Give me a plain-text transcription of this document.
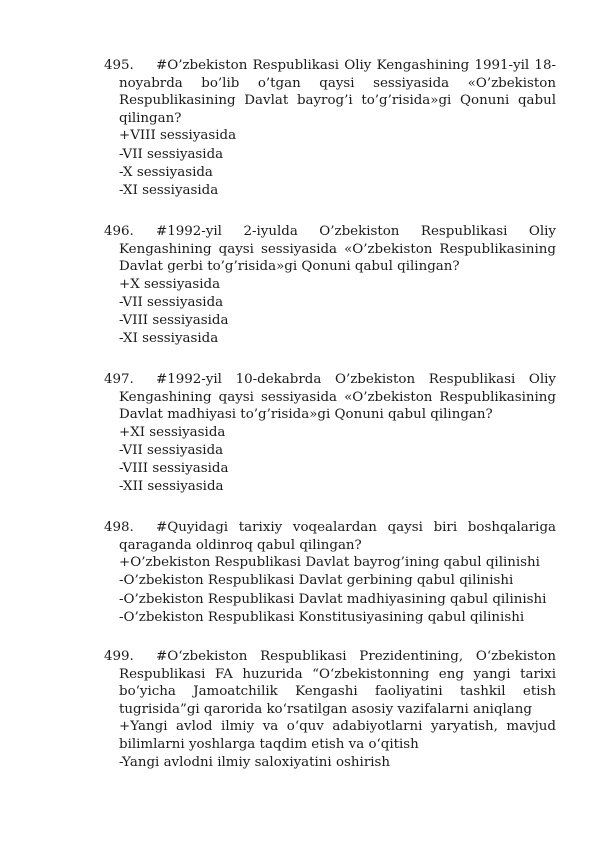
495. #O’zbekiston Respublikasi Oliy Kengashining 1991-yil 18-
noyabrda bo’lib o’tgan qaysi sessiyasida «O’zbekiston
Respublikasining Davlat bayrog’i to’g’risida»gi Qonuni qabul
qilingan?
+VIII sessiyasida
-VII sessiyasida
-X sessiyasida
-XI sessiyasida
496. #1992-yil 2-iyulda O’zbekiston Respublikasi Oliy
Kengashining qaysi sessiyasida «O’zbekiston Respublikasining
Davlat gerbi to’g’risida»gi Qonuni qabul qilingan?
+X sessiyasida
-VII sessiyasida
-VIII sessiyasida
-XI sessiyasida
497. #1992-yil 10-dekabrda O’zbekiston Respublikasi Oliy
Kengashining qaysi sessiyasida «O’zbekiston Respublikasining
Davlat madhiyasi to’g’risida»gi Qonuni qabul qilingan?
+XI sessiyasida
-VII sessiyasida
-VIII sessiyasida
-XII sessiyasida
498. #Quyidagi tarixiy voqealardan qaysi biri boshqalariga
qaraganda oldinroq qabul qilingan?
+O’zbekiston Respublikasi Davlat bayrog’ining qabul qilinishi
-O’zbekiston Respublikasi Davlat gerbining qabul qilinishi
-O’zbekiston Respublikasi Davlat madhiyasining qabul qilinishi
-O’zbekiston Respublikasi Konstitusiyasining qabul qilinishi
499. #O‘zbekiston Respublikasi Prezidentining, O‘zbekiston
Respublikasi FA huzurida “O‘zbekistonning eng yangi tarixi
bo‘yicha Jamoatchilik Kengashi faoliyatini tashkil etish
tugrisida”gi qarorida ko‘rsatilgan asosiy vazifalarni aniqlang
+Yangi avlod ilmiy va o‘quv adabiyotlarni yaryatish, mavjud
bilimlarni yoshlarga taqdim etish va o‘qitish
-Yangi avlodni ilmiy saloxiyatini oshirish
